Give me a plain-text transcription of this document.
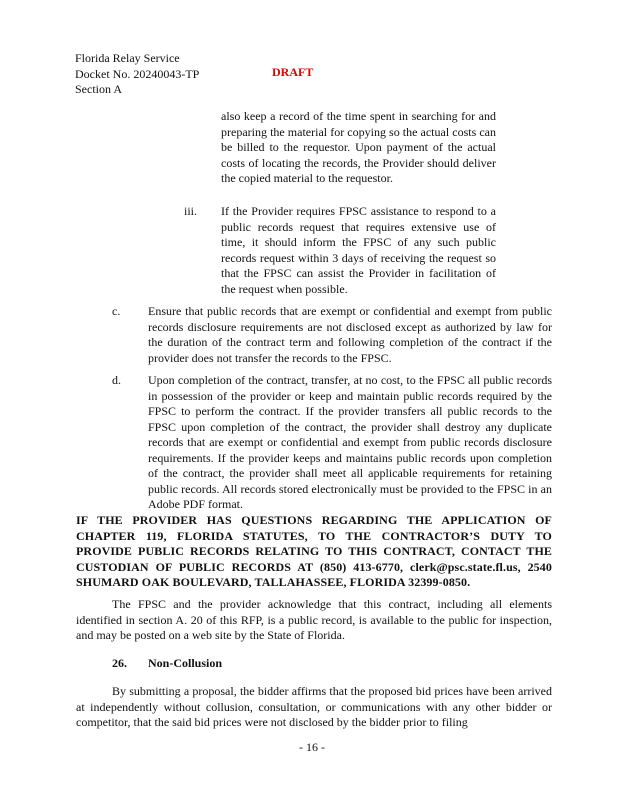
Florida Relay Service
Docket No. 20240043-TP
Section A
DRAFT
also keep a record of the time spent in searching for and preparing the material for copying so the actual costs can be billed to the requestor. Upon payment of the actual costs of locating the records, the Provider should deliver the copied material to the requestor.
iii. If the Provider requires FPSC assistance to respond to a public records request that requires extensive use of time, it should inform the FPSC of any such public records request within 3 days of receiving the request so that the FPSC can assist the Provider in facilitation of the request when possible.
c. Ensure that public records that are exempt or confidential and exempt from public records disclosure requirements are not disclosed except as authorized by law for the duration of the contract term and following completion of the contract if the provider does not transfer the records to the FPSC.
d. Upon completion of the contract, transfer, at no cost, to the FPSC all public records in possession of the provider or keep and maintain public records required by the FPSC to perform the contract. If the provider transfers all public records to the FPSC upon completion of the contract, the provider shall destroy any duplicate records that are exempt or confidential and exempt from public records disclosure requirements. If the provider keeps and maintains public records upon completion of the contract, the provider shall meet all applicable requirements for retaining public records. All records stored electronically must be provided to the FPSC in an Adobe PDF format.
IF THE PROVIDER HAS QUESTIONS REGARDING THE APPLICATION OF CHAPTER 119, FLORIDA STATUTES, TO THE CONTRACTOR’S DUTY TO PROVIDE PUBLIC RECORDS RELATING TO THIS CONTRACT, CONTACT THE CUSTODIAN OF PUBLIC RECORDS AT (850) 413-6770, clerk@psc.state.fl.us, 2540 SHUMARD OAK BOULEVARD, TALLAHASSEE, FLORIDA 32399-0850.
The FPSC and the provider acknowledge that this contract, including all elements identified in section A. 20 of this RFP, is a public record, is available to the public for inspection, and may be posted on a web site by the State of Florida.
26. Non-Collusion
By submitting a proposal, the bidder affirms that the proposed bid prices have been arrived at independently without collusion, consultation, or communications with any other bidder or competitor, that the said bid prices were not disclosed by the bidder prior to filing
- 16 -
